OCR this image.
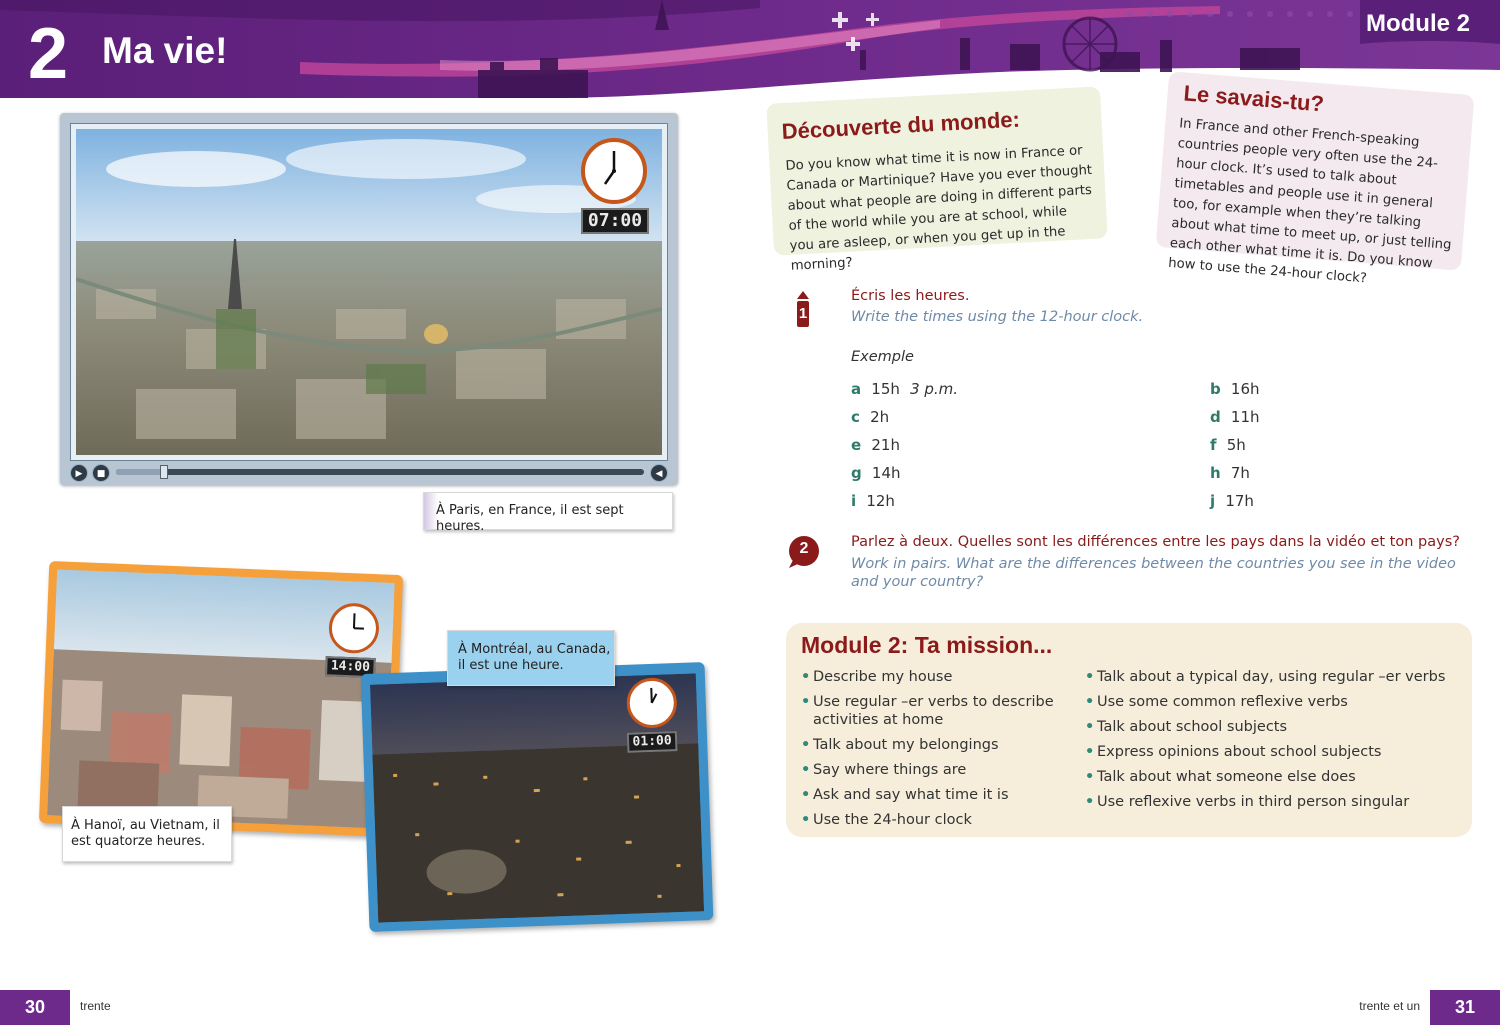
2 Ma vie!
Module 2
07:00
▶	■	◀
À Paris, en France, il est sept heures.
14:00
À Hanoï, au Vietnam, il est quatorze heures.
01:00
À Montréal, au Canada, il est une heure.
Découverte du monde:

Do you know what time it is now in France or Canada or Martinique? Have you ever thought about what people are doing in different parts of the world while you are at school, while you are asleep, or when you get up in the morning?

Le savais-tu?

In France and other French-speaking countries people very often use the 24-hour clock. It’s used to talk about timetables and people use it in general too, for example when they’re talking about what time to meet up, or just telling each other what time it is. Do you know how to use the 24-hour clock?

1
Écris les heures.
Write the times using the 12-hour clock.
Exemple
a 15h 3 p.m.	b 16h
c 2h	d 11h
e 21h	f 5h
g 14h	h 7h
i 12h	j 17h
2	Parlez à deux. Quelles sont les différences entre les pays dans la vidéo et ton pays?
Work in pairs. What are the differences between the countries you see in the video and your country?
Module 2: Ta mission...
• Describe my house
• Use regular –er verbs to describe activities at home
• Talk about my belongings
• Say where things are
• Ask and say what time it is
• Use the 24-hour clock
• Talk about a typical day, using regular –er verbs
• Use some common reflexive verbs
• Talk about school subjects
• Express opinions about school subjects
• Talk about what someone else does
• Use reflexive verbs in third person singular
30	trente	trente et un	31
